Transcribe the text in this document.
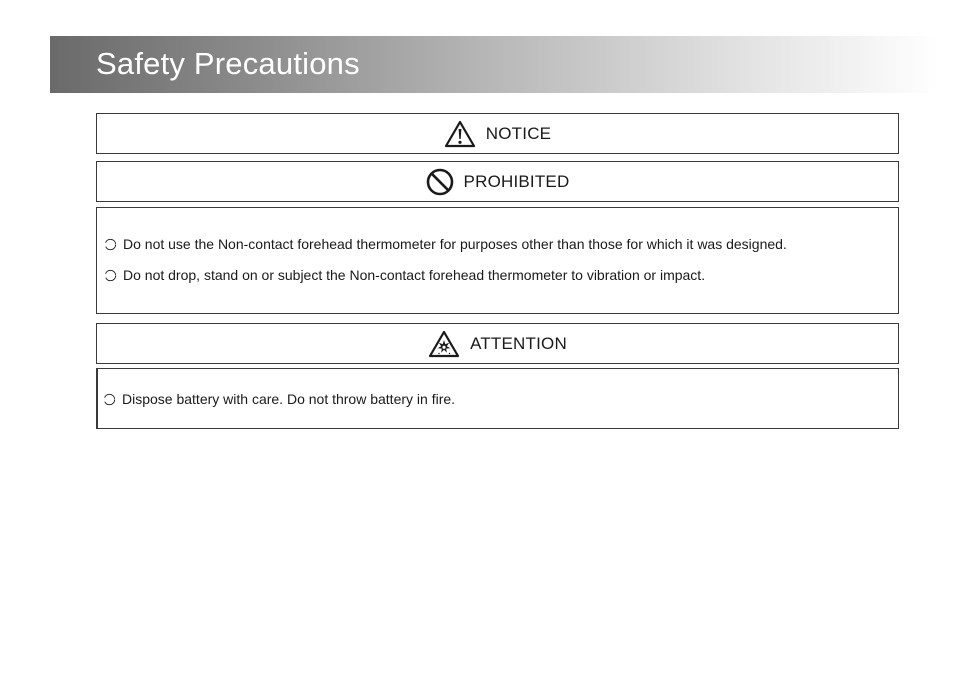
Safety Precautions
NOTICE
PROHIBITED
Do not use the Non-contact forehead thermometer for purposes other than those for which it was designed.
Do not drop, stand on or subject the Non-contact forehead thermometer to vibration or impact.
ATTENTION
Dispose battery with care. Do not throw battery in fire.
